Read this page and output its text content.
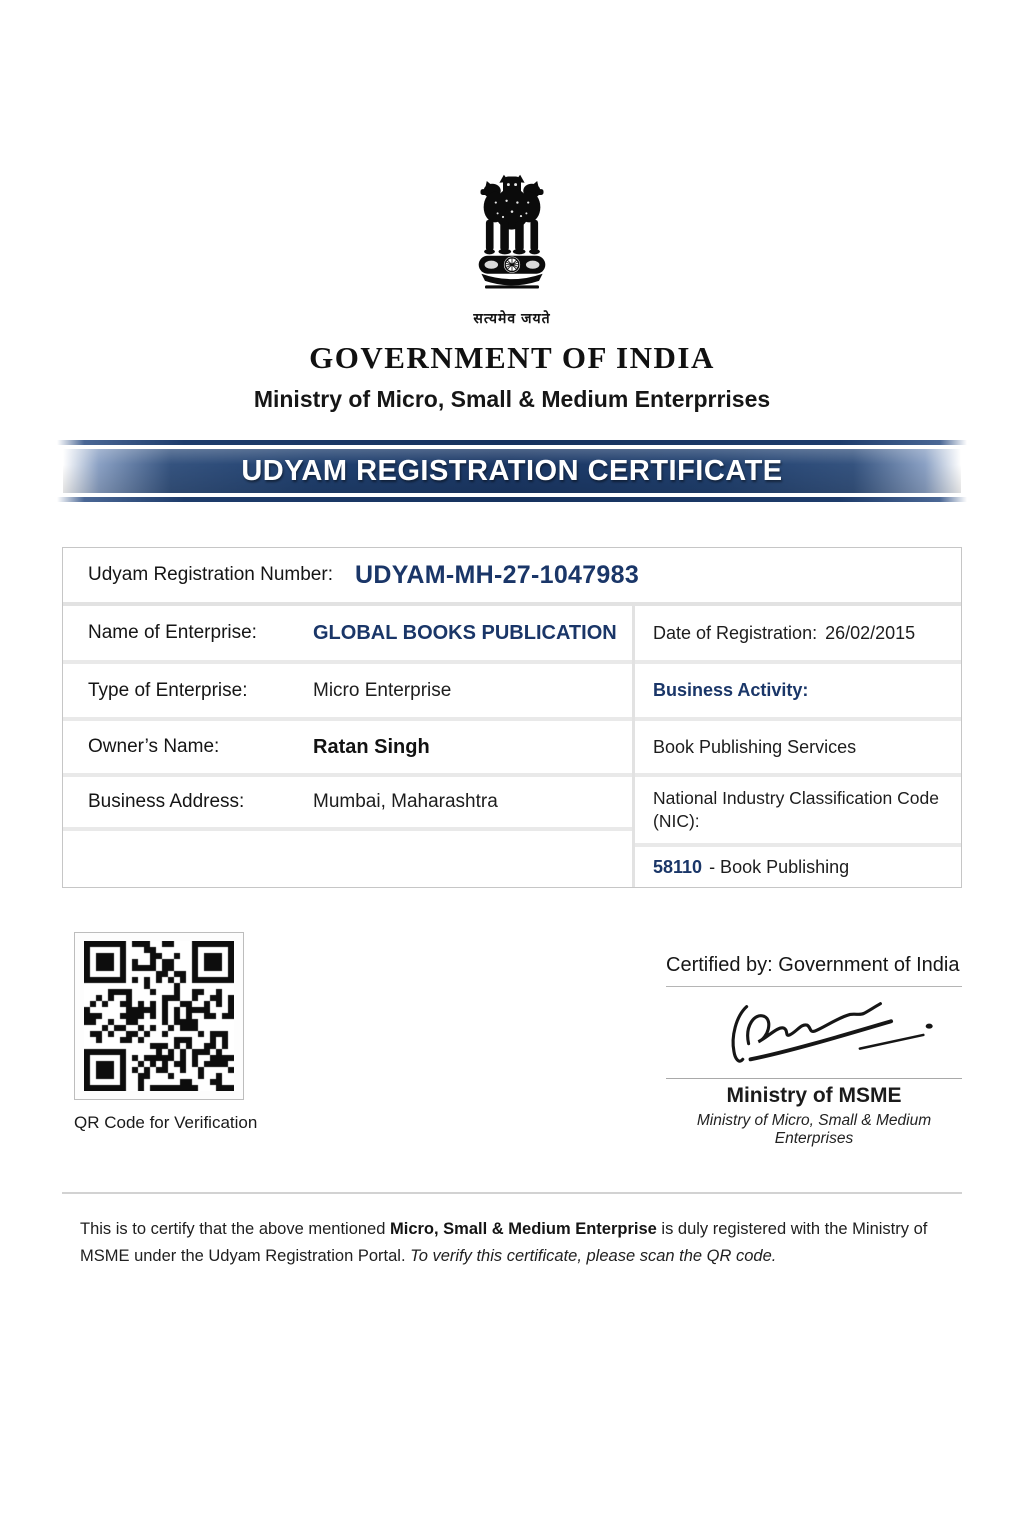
सत्यमेव जयते
GOVERNMENT OF INDIA
Ministry of Micro, Small & Medium Enterprrises
UDYAM REGISTRATION CERTIFICATE
Udyam Registration Number: UDYAM-MH-27-1047983
Name of Enterprise:	GLOBAL BOOKS PUBLICATION
Type of Enterprise:	Micro Enterprise
Owner’s Name:	Ratan Singh
Business Address:	Mumbai, Maharashtra
Date of Registration: 26/02/2015
Business Activity:
Book Publishing Services
National Industry Classification Code (NIC):
58110 - Book Publishing
QR Code for Verification
Certified by: Government of India
Ministry of MSME
Ministry of Micro, Small & Medium Enterprises

This is to certify that the above mentioned Micro, Small & Medium Enterprise is duly registered with the Ministry of MSME under the Udyam Registration Portal. To verify this certificate, please scan the QR code.
